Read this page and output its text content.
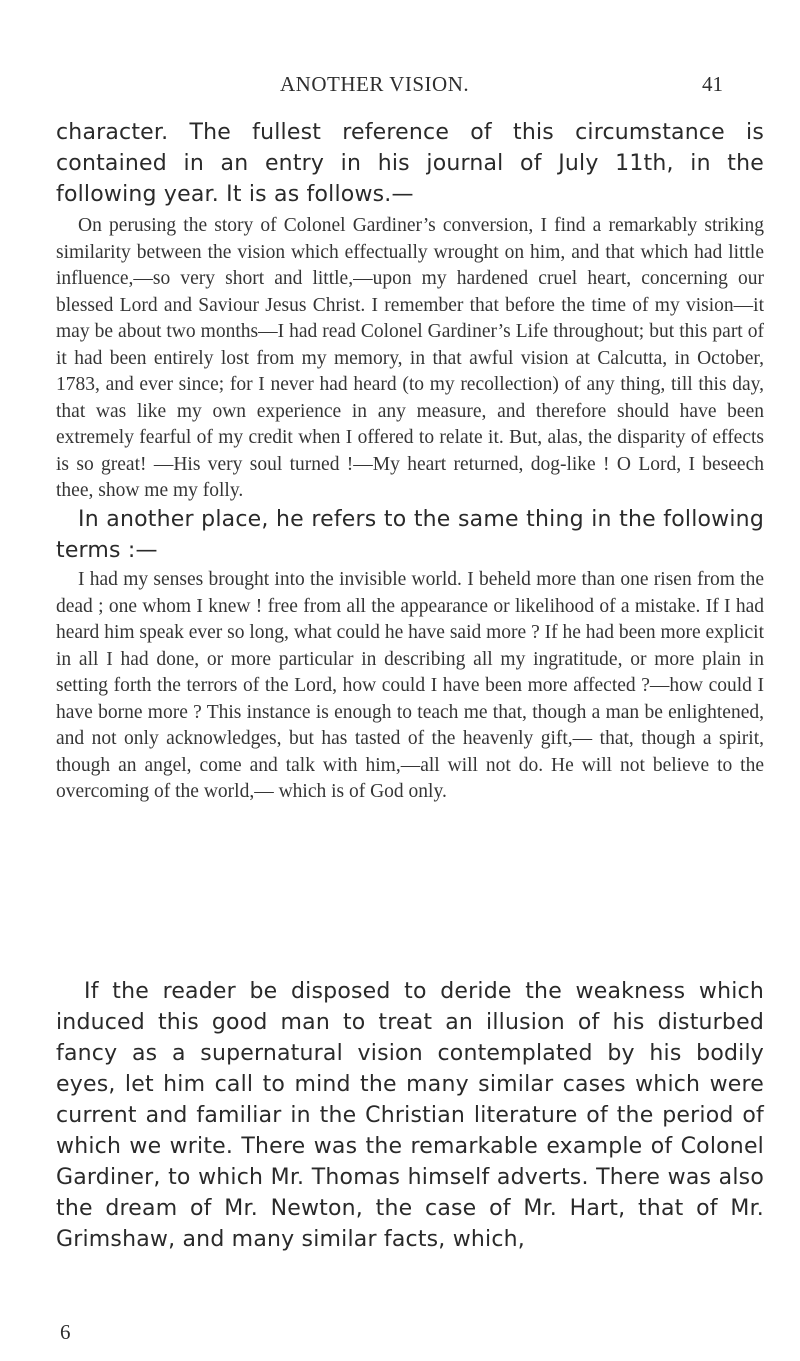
ANOTHER VISION.	41

character. The fullest reference of this circumstance is contained in an entry in his journal of July 11th, in the following year. It is as follows.—

On perusing the story of Colonel Gardiner’s conversion, I find a remarkably striking similarity between the vision which effectually wrought on him, and that which had little influence,—so very short and little,—upon my hardened cruel heart, concerning our blessed Lord and Saviour Jesus Christ. I remember that before the time of my vision—it may be about two months—I had read Colonel Gardiner’s Life throughout; but this part of it had been entirely lost from my memory, in that awful vision at Calcutta, in October, 1783, and ever since; for I never had heard (to my recollection) of any thing, till this day, that was like my own experience in any measure, and therefore should have been extremely fearful of my credit when I offered to relate it. But, alas, the disparity of effects is so great! —His very soul turned !—My heart returned, dog-like ! O Lord, I beseech thee, show me my folly.

In another place, he refers to the same thing in the following terms :—

I had my senses brought into the invisible world. I beheld more than one risen from the dead ; one whom I knew ! free from all the appearance or likelihood of a mistake. If I had heard him speak ever so long, what could he have said more ? If he had been more explicit in all I had done, or more particular in describing all my ingratitude, or more plain in setting forth the terrors of the Lord, how could I have been more affected ?—how could I have borne more ? This instance is enough to teach me that, though a man be enlightened, and not only acknowledges, but has tasted of the heavenly gift,— that, though a spirit, though an angel, come and talk with him,—all will not do. He will not believe to the overcoming of the world,— which is of God only.

If the reader be disposed to deride the weakness which induced this good man to treat an illusion of his disturbed fancy as a supernatural vision contemplated by his bodily eyes, let him call to mind the many similar cases which were current and familiar in the Christian literature of the period of which we write. There was the remarkable example of Colonel Gardiner, to which Mr. Thomas himself adverts. There was also the dream of Mr. Newton, the case of Mr. Hart, that of Mr. Grimshaw, and many similar facts, which,

6
